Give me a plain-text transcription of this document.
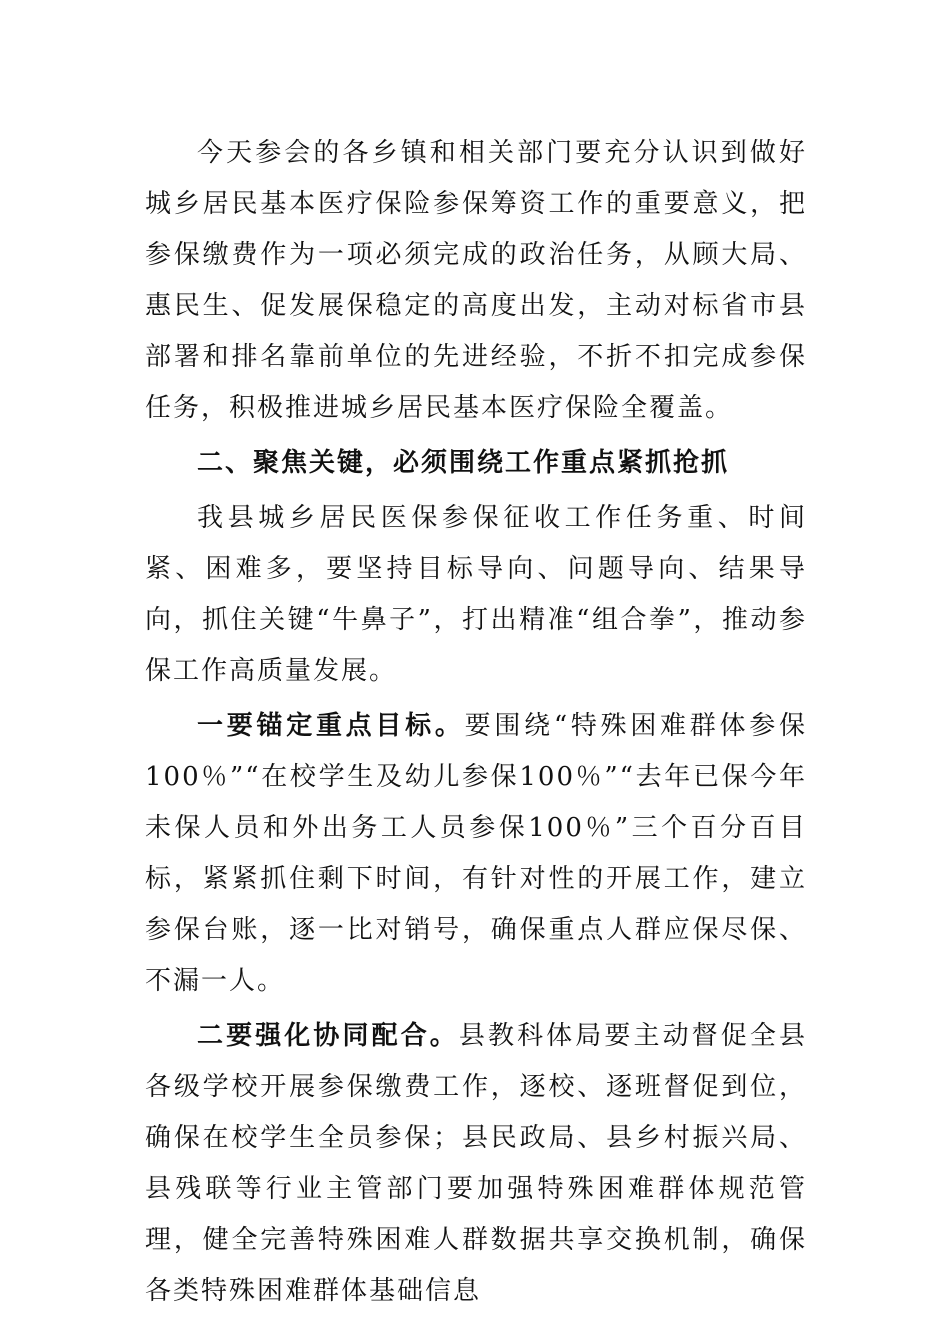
今天参会的各乡镇和相关部门要充分认识到做好城乡居民基本医疗保险参保筹资工作的重要意义，把参保缴费作为一项必须完成的政治任务，从顾大局、惠民生、促发展保稳定的高度出发，主动对标省市县部署和排名靠前单位的先进经验，不折不扣完成参保任务，积极推进城乡居民基本医疗保险全覆盖。

二、聚焦关键，必须围绕工作重点紧抓抢抓

我县城乡居民医保参保征收工作任务重、时间紧、困难多，要坚持目标导向、问题导向、结果导向，抓住关键“牛鼻子”，打出精准“组合拳”，推动参保工作高质量发展。

一要锚定重点目标。要围绕“特殊困难群体参保100％”“在校学生及幼儿参保100％”“去年已保今年未保人员和外出务工人员参保100％”三个百分百目标，紧紧抓住剩下时间，有针对性的开展工作，建立参保台账，逐一比对销号，确保重点人群应保尽保、不漏一人。

二要强化协同配合。县教科体局要主动督促全县各级学校开展参保缴费工作，逐校、逐班督促到位，确保在校学生全员参保；县民政局、县乡村振兴局、县残联等行业主管部门要加强特殊困难群体规范管理，健全完善特殊困难人群数据共享交换机制，确保各类特殊困难群体基础信息
